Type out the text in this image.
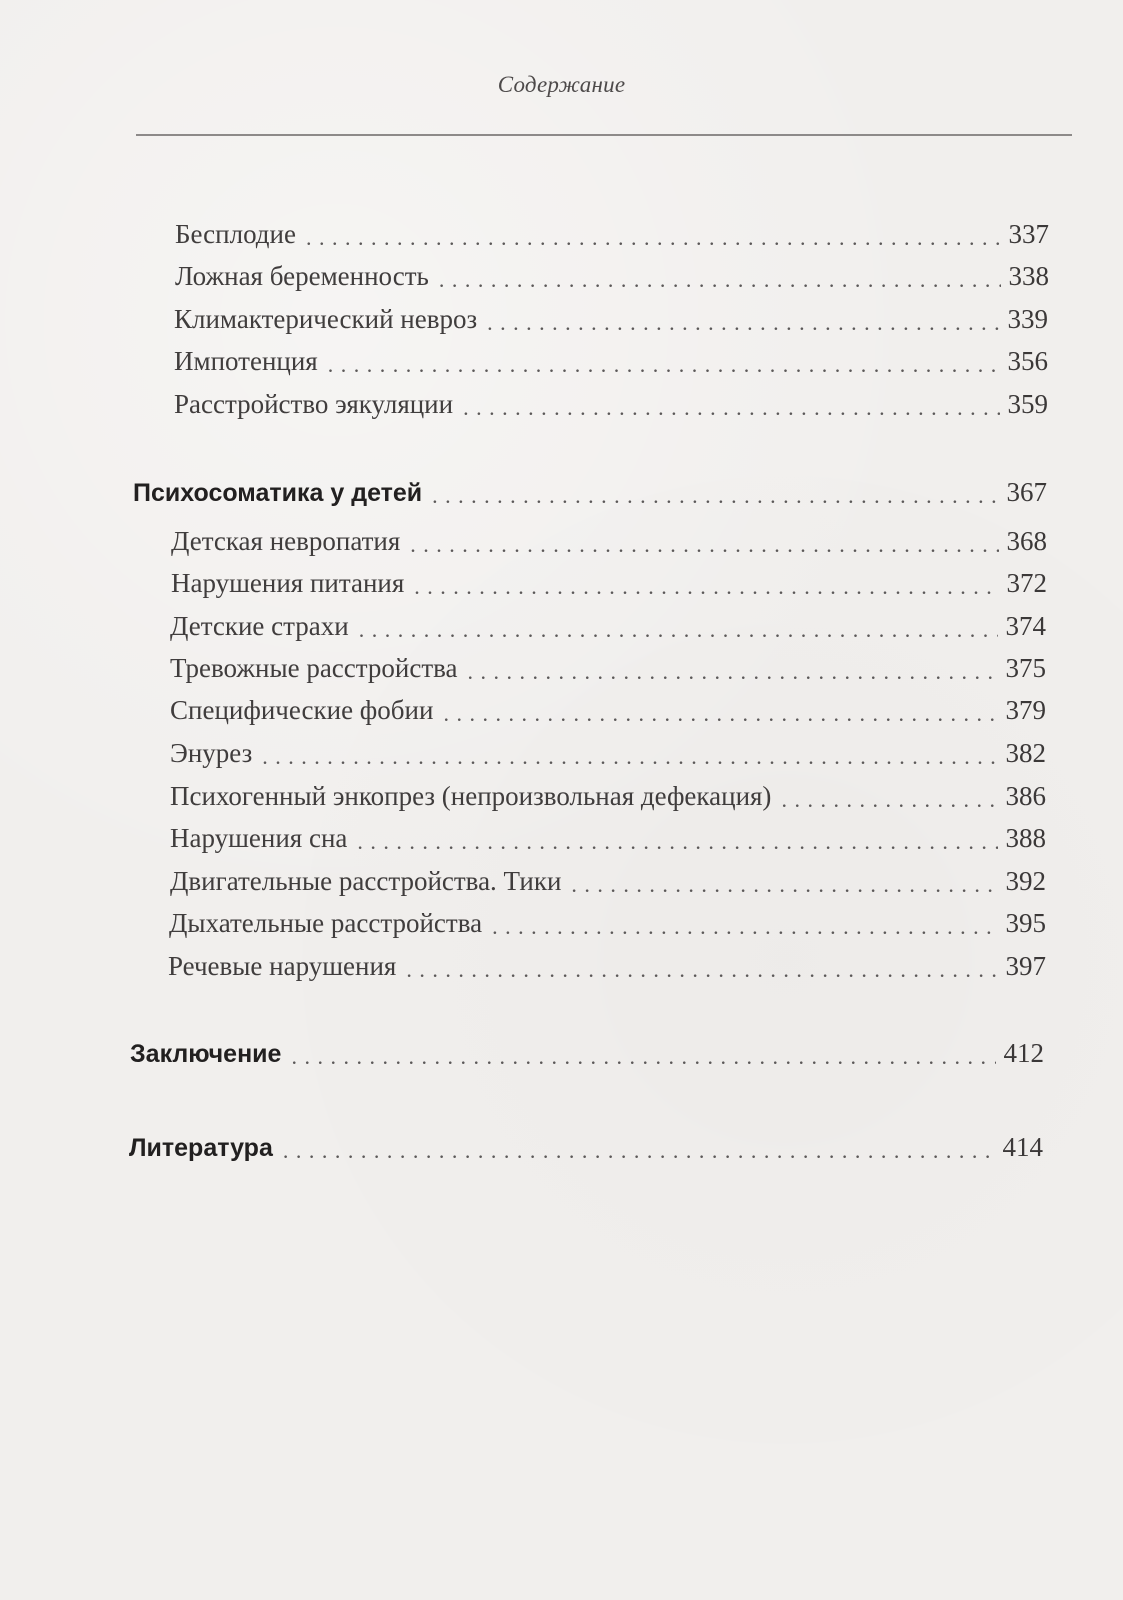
Содержание
Бесплодие . . .	337
Ложная беременность . . .	338
Климактерический невроз . . .	339
Импотенция . . .	356
Расстройство эякуляции . . .	359
Психосоматика у детей . . .	367
Детская невропатия . . .	368
Нарушения питания . . .	372
Детские страхи . . .	374
Тревожные расстройства . . .	375
Специфические фобии . . .	379
Энурез . . .	382
Психогенный энкопрез (непроизвольная дефекация) . . .	386
Нарушения сна . . .	388
Двигательные расстройства. Тики . . .	392
Дыхательные расстройства . . .	395
Речевые нарушения . . .	397
Заключение . . .	412
Литература . . .	414
